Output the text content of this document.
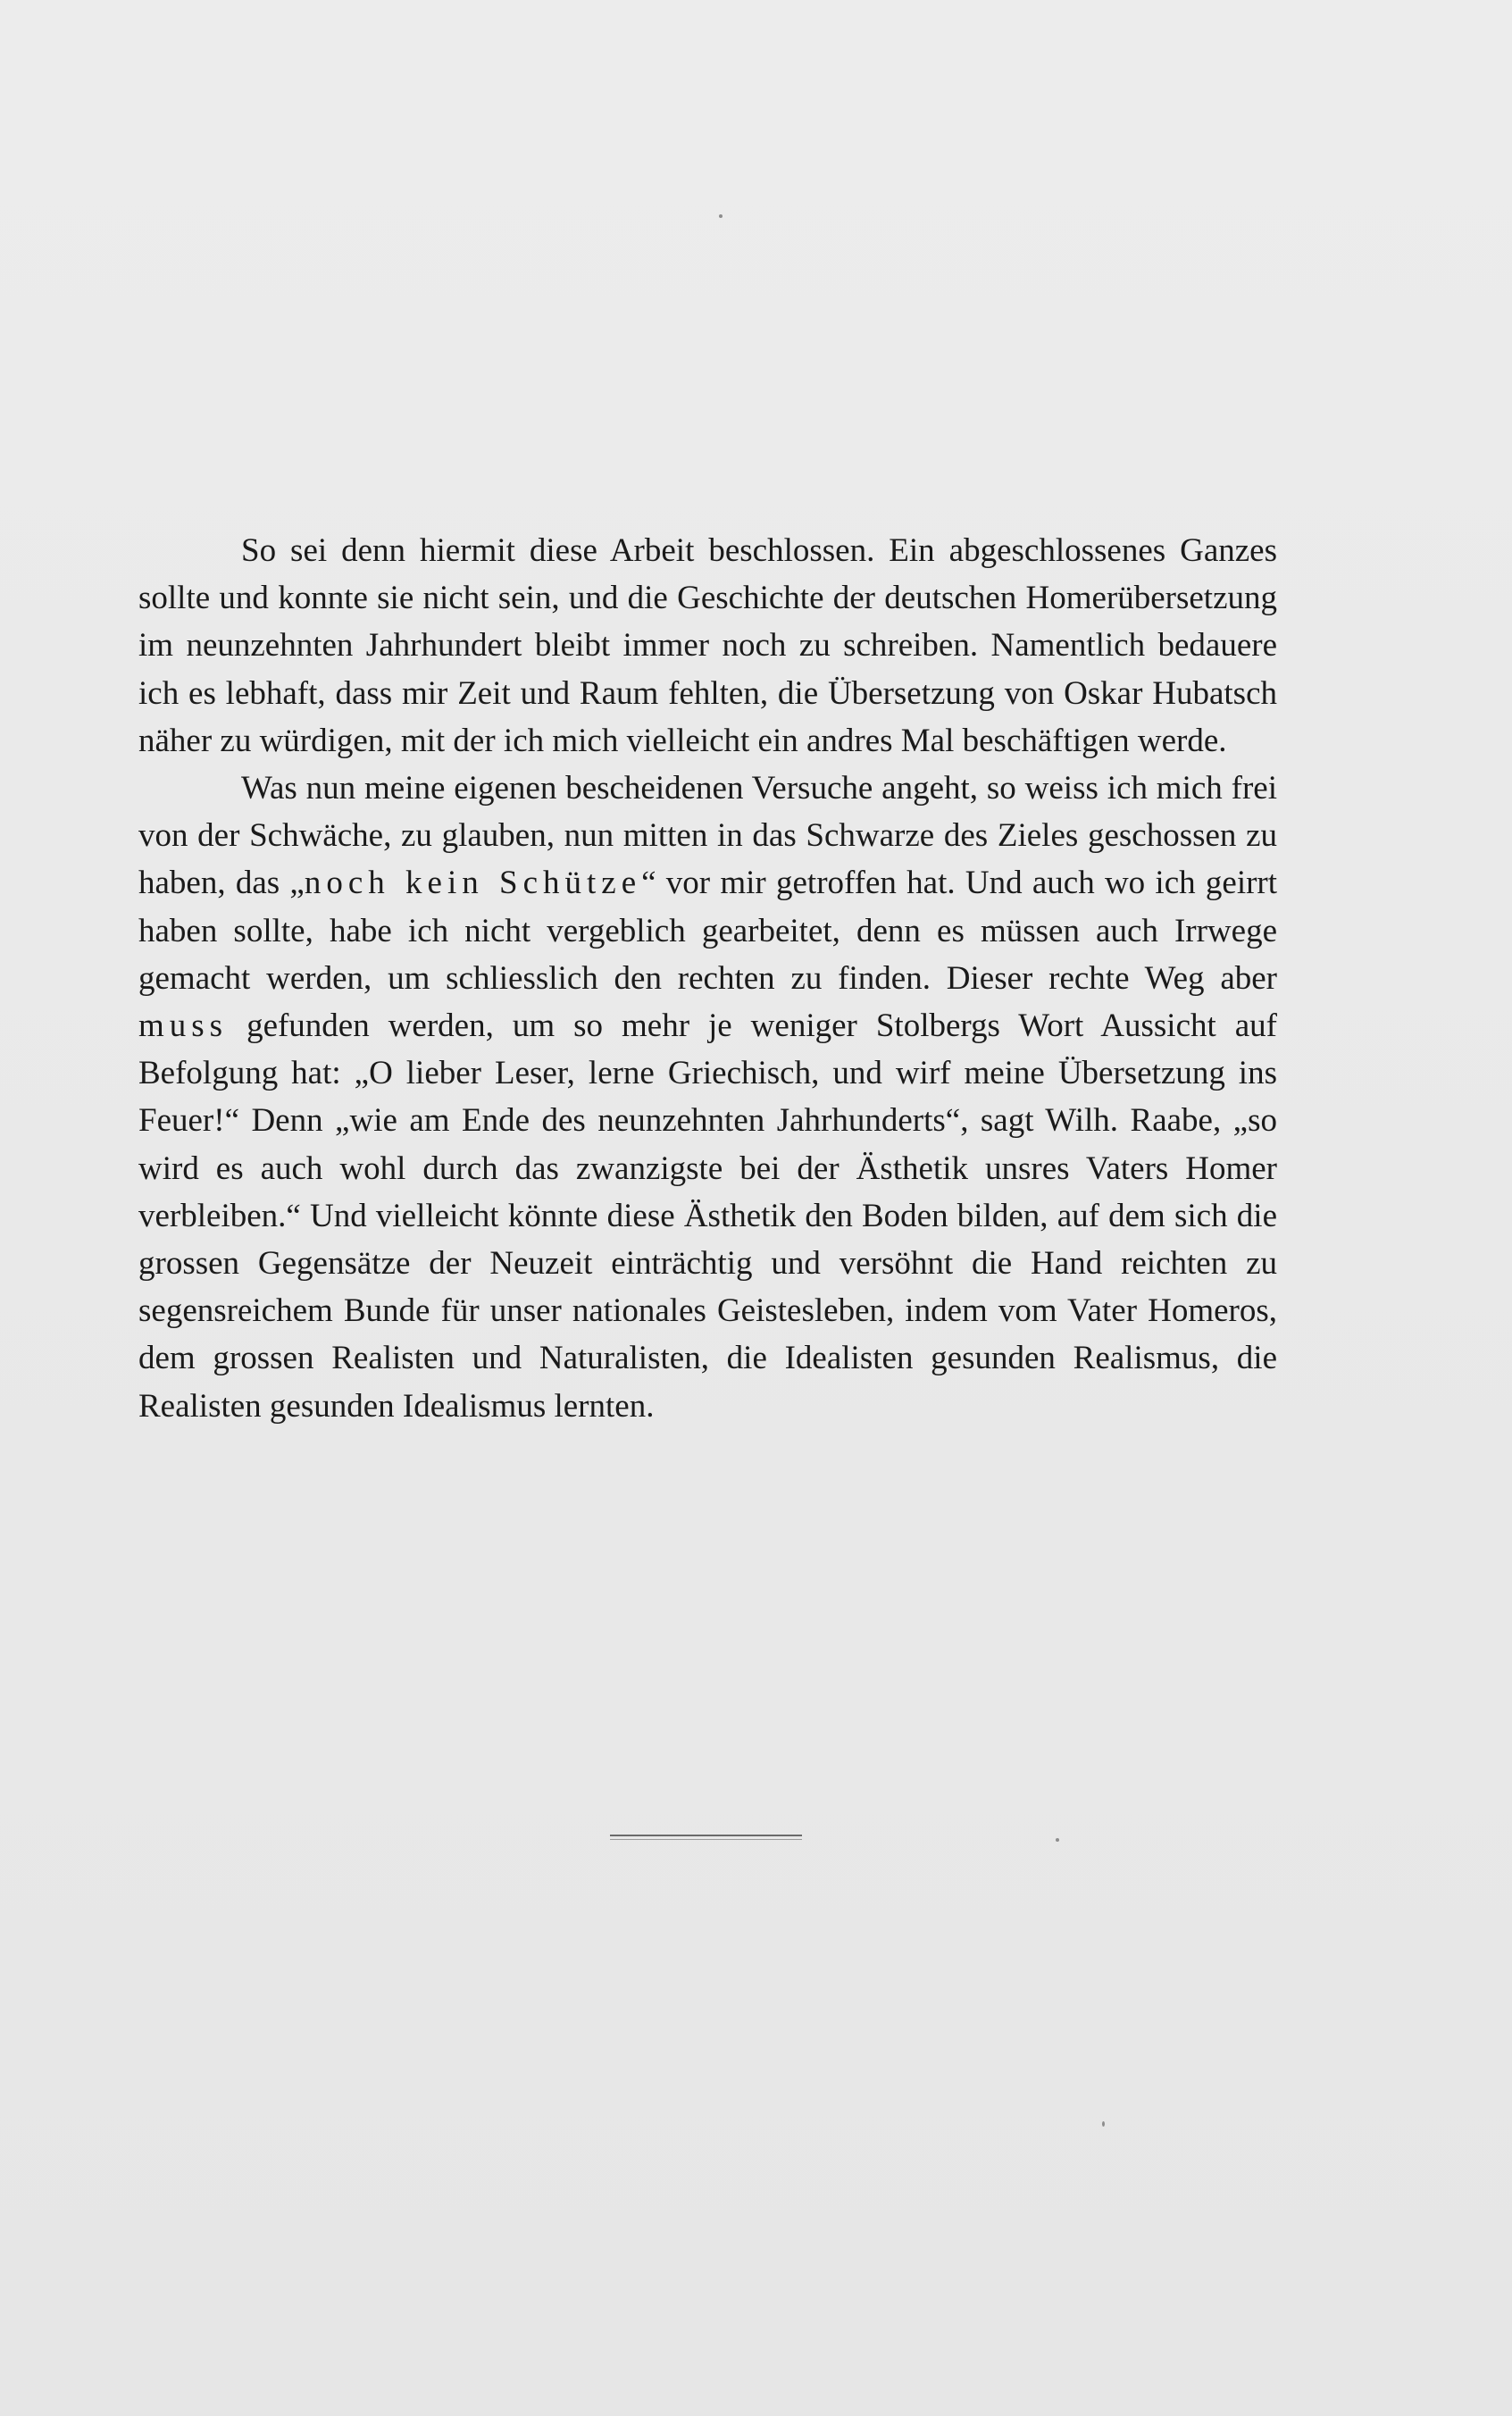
So sei denn hiermit diese Arbeit beschlossen. Ein abgeschlossenes Ganzes sollte und konnte sie nicht sein, und die Geschichte der deutschen Homerübersetzung im neunzehnten Jahrhundert bleibt immer noch zu schreiben. Namentlich bedauere ich es lebhaft, dass mir Zeit und Raum fehlten, die Übersetzung von Oskar Hubatsch näher zu würdigen, mit der ich mich vielleicht ein andres Mal beschäftigen werde.

Was nun meine eigenen bescheidenen Versuche angeht, so weiss ich mich frei von der Schwäche, zu glauben, nun mitten in das Schwarze des Zieles geschossen zu haben, das „noch kein Schütze“ vor mir getroffen hat. Und auch wo ich geirrt haben sollte, habe ich nicht vergeblich gearbeitet, denn es müssen auch Irrwege gemacht werden, um schliesslich den rechten zu finden. Dieser rechte Weg aber muss gefunden werden, um so mehr je weniger Stolbergs Wort Aussicht auf Befolgung hat: „O lieber Leser, lerne Griechisch, und wirf meine Übersetzung ins Feuer!“ Denn „wie am Ende des neunzehnten Jahrhunderts“, sagt Wilh. Raabe, „so wird es auch wohl durch das zwanzigste bei der Ästhetik unsres Vaters Homer verbleiben.“ Und vielleicht könnte diese Ästhetik den Boden bilden, auf dem sich die grossen Gegensätze der Neuzeit einträchtig und versöhnt die Hand reichten zu segensreichem Bunde für unser nationales Geistesleben, indem vom Vater Homeros, dem grossen Realisten und Naturalisten, die Idealisten gesunden Realismus, die Realisten gesunden Idealismus lernten.
